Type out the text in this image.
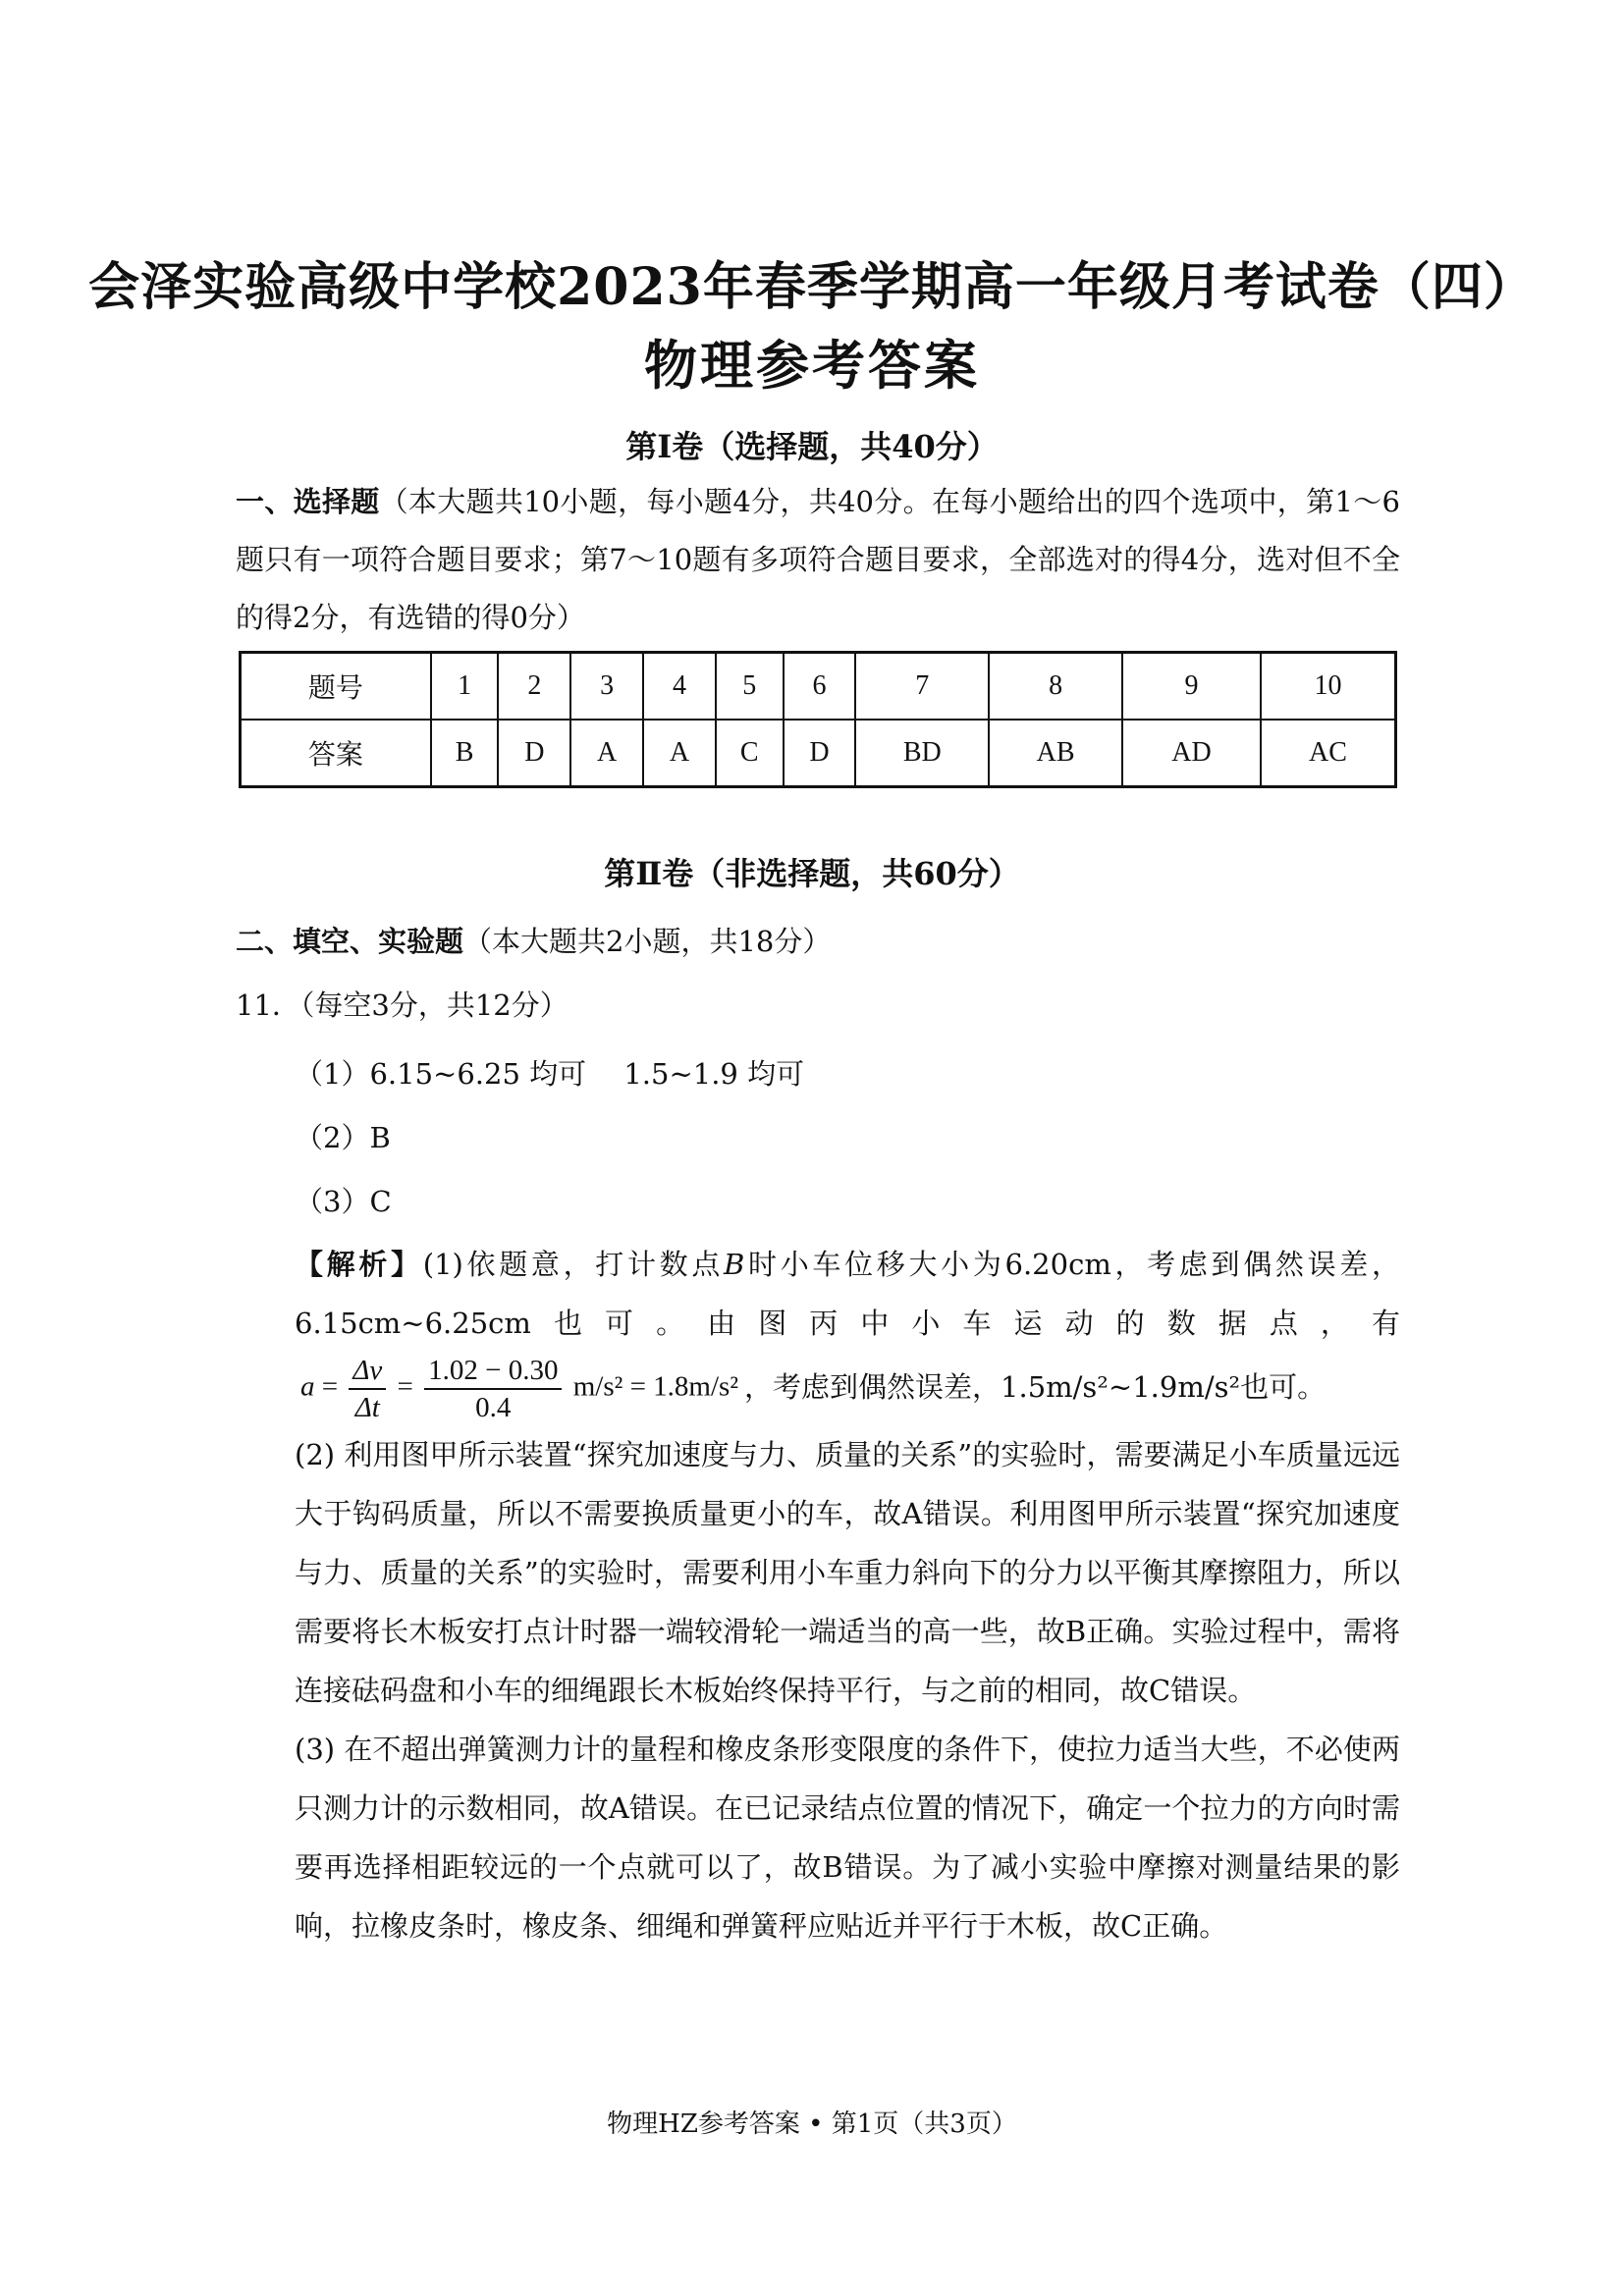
会泽实验高级中学校2023年春季学期高一年级月考试卷（四）
物理参考答案
第Ⅰ卷（选择题，共40分）
一、选择题（本大题共10小题，每小题4分，共40分。在每小题给出的四个选项中，第1～6题只有一项符合题目要求；第7～10题有多项符合题目要求，全部选对的得4分，选对但不全的得2分，有选错的得0分）
题号	1	2	3	4	5	6	7	8	9	10
答案	B	D	A	A	C	D	BD	AB	AD	AC
第Ⅱ卷（非选择题，共60分）
二、填空、实验题（本大题共2小题，共18分）
11．（每空3分，共12分）
（1）6.15~6.25 均可　 1.5~1.9 均可
（2）B
（3）C

【解析】(1)依题意，打计数点B时小车位移大小为6.20cm，考虑到偶然误差，6.15cm~6.25cm也可。由图丙中小车运动的数据点，有 $a = \frac{\Delta v}{\Delta t} = \frac{1.02 - 0.30}{0.4} m/s^2 = 1.8m/s^2$ ，考虑到偶然误差，1.5m/s²~1.9m/s²也可。

(2) 利用图甲所示装置“探究加速度与力、质量的关系”的实验时，需要满足小车质量远远大于钩码质量，所以不需要换质量更小的车，故A错误。利用图甲所示装置“探究加速度与力、质量的关系”的实验时，需要利用小车重力斜向下的分力以平衡其摩擦阻力，所以需要将长木板安打点计时器一端较滑轮一端适当的高一些，故B正确。实验过程中，需将连接砝码盘和小车的细绳跟长木板始终保持平行，与之前的相同，故C错误。

(3) 在不超出弹簧测力计的量程和橡皮条形变限度的条件下，使拉力适当大些，不必使两只测力计的示数相同，故A错误。在已记录结点位置的情况下，确定一个拉力的方向时需要再选择相距较远的一个点就可以了，故B错误。为了减小实验中摩擦对测量结果的影响，拉橡皮条时，橡皮条、细绳和弹簧秤应贴近并平行于木板，故C正确。

物理HZ参考答案 • 第1页（共3页）
